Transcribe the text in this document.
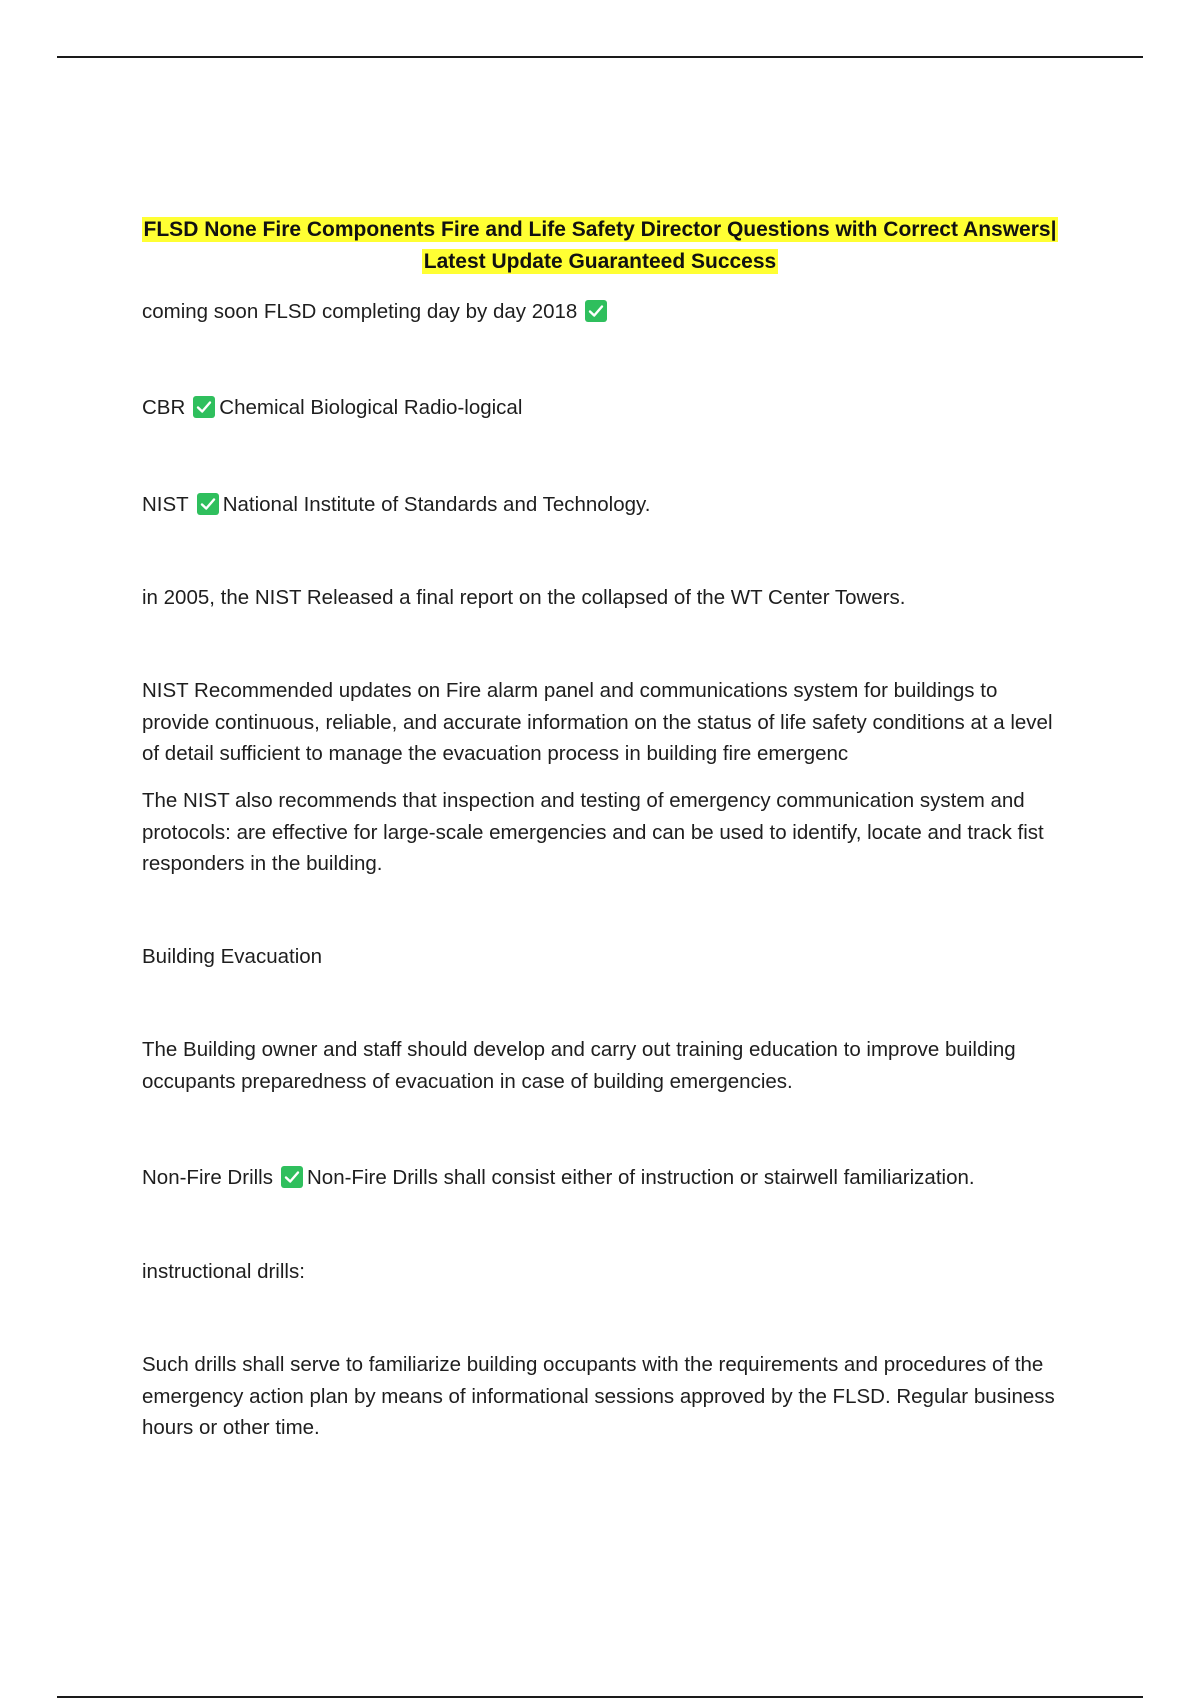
FLSD None Fire Components Fire and Life Safety Director Questions with Correct Answers|
Latest Update Guaranteed Success
coming soon FLSD completing day by day 2018
CBR Chemical Biological Radio-logical
NIST National Institute of Standards and Technology.
in 2005, the NIST Released a final report on the collapsed of the WT Center Towers.
NIST Recommended updates on Fire alarm panel and communications system for buildings to provide continuous, reliable, and accurate information on the status of life safety conditions at a level of detail sufficient to manage the evacuation process in building fire emergenc
The NIST also recommends that inspection and testing of emergency communication system and protocols: are effective for large-scale emergencies and can be used to identify, locate and track fist responders in the building.
Building Evacuation
The Building owner and staff should develop and carry out training education to improve building occupants preparedness of evacuation in case of building emergencies.
Non-Fire Drills Non-Fire Drills shall consist either of instruction or stairwell familiarization.
instructional drills:
Such drills shall serve to familiarize building occupants with the requirements and procedures of the emergency action plan by means of informational sessions approved by the FLSD. Regular business hours or other time.
